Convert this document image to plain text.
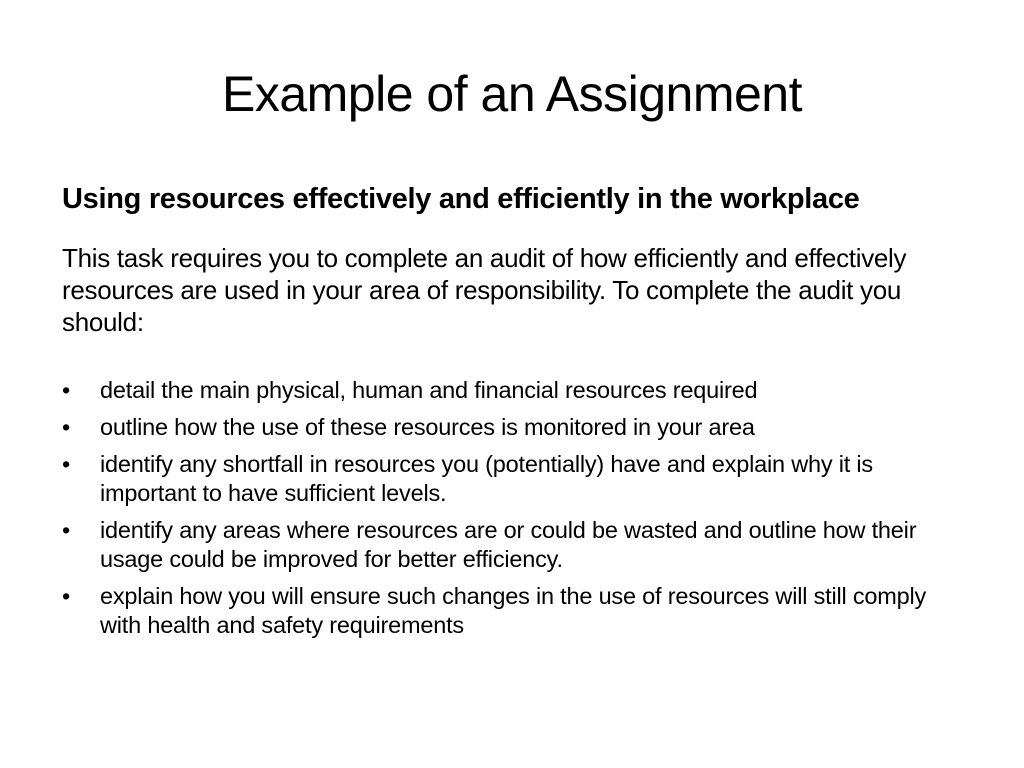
Example of an Assignment

Using resources effectively and efficiently in the workplace

This task requires you to complete an audit of how efficiently and effectively resources are used in your area of responsibility. To complete the audit you should:

•	detail the main physical, human and financial resources required
•	outline how the use of these resources is monitored in your area
•	identify any shortfall in resources you (potentially) have and explain why it is important to have sufficient levels.
•	identify any areas where resources are or could be wasted and outline how their usage could be improved for better efficiency.
•	explain how you will ensure such changes in the use of resources will still comply with health and safety requirements
